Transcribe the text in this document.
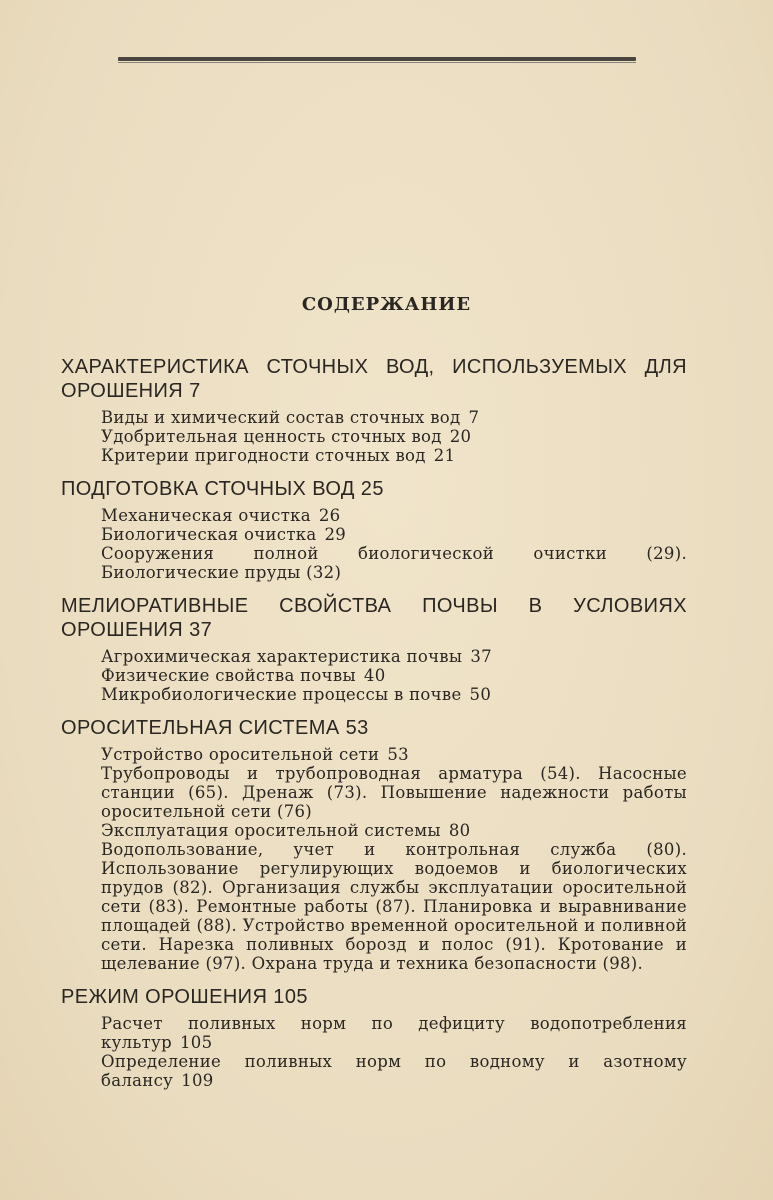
СОДЕРЖАНИЕ

ХАРАКТЕРИСТИКА СТОЧНЫХ ВОД, ИСПОЛЬЗУЕМЫХ ДЛЯ ОРОШЕНИЯ 7

Виды и химический состав сточных вод 7

Удобрительная ценность сточных вод 20

Критерии пригодности сточных вод 21

ПОДГОТОВКА СТОЧНЫХ ВОД 25

Механическая очистка 26

Биологическая очистка 29

Сооружения полной биологической очистки (29). Биологические пруды (32)

МЕЛИОРАТИВНЫЕ СВОЙСТВА ПОЧВЫ В УСЛОВИЯХ ОРОШЕНИЯ 37

Агрохимическая характеристика почвы 37

Физические свойства почвы 40

Микробиологические процессы в почве 50

ОРОСИТЕЛЬНАЯ СИСТЕМА 53

Устройство оросительной сети 53

Трубопроводы и трубопроводная арматура (54). Насосные станции (65). Дренаж (73). Повышение надежности работы оросительной сети (76)

Эксплуатация оросительной системы 80

Водопользование, учет и контрольная служба (80). Использование регулирующих водоемов и биологических прудов (82). Организация службы эксплуатации оросительной сети (83). Ремонтные работы (87). Планировка и выравнивание площадей (88). Устройство временной оросительной и поливной сети. Нарезка поливных борозд и полос (91). Кротование и щелевание (97). Охрана труда и техника безопасности (98).

РЕЖИМ ОРОШЕНИЯ 105

Расчет поливных норм по дефициту водопотребления культур 105

Определение поливных норм по водному и азотному балансу 109
